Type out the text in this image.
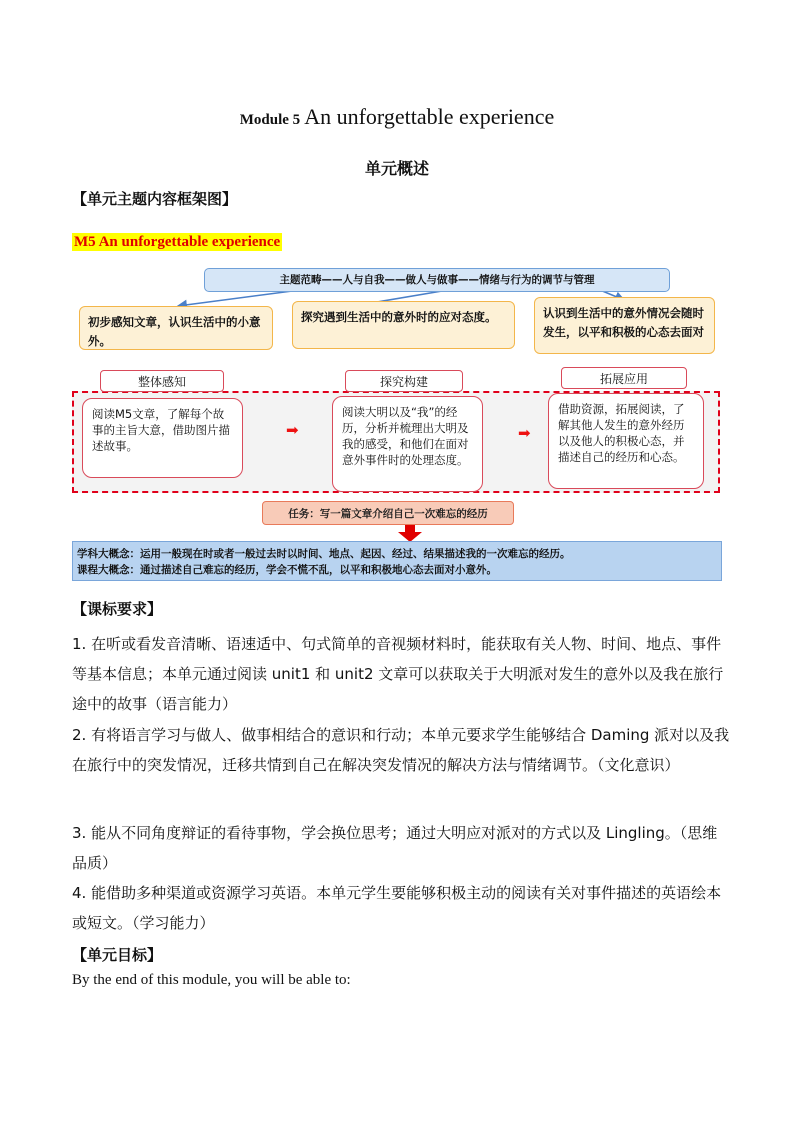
Module 5 An unforgettable experience
单元概述
【单元主题内容框架图】
M5 An unforgettable experience
主题范畴——人与自我——做人与做事——情绪与行为的调节与管理
初步感知文章，认识生活中的小意外。
探究遇到生活中的意外时的应对态度。	认识到生活中的意外情况会随时发生，以平和积极的心态去面对
整体感知	探究构建	拓展应用
阅读M5文章，了解每个故事的主旨大意，借助图片描述故事。
阅读大明以及“我”的经历，分析并梳理出大明及我的感受，和他们在面对意外事件时的处理态度。
借助资源，拓展阅读，了解其他人发生的意外经历以及他人的积极心态，并描述自己的经历和心态。
➡	➡
任务：写一篇文章介绍自己一次难忘的经历
学科大概念：运用一般现在时或者一般过去时以时间、地点、起因、经过、结果描述我的一次难忘的经历。
课程大概念：通过描述自己难忘的经历，学会不慌不乱，以平和积极地心态去面对小意外。
【课标要求】
1. 在听或看发音清晰、语速适中、句式简单的音视频材料时，能获取有关人物、时间、地点、事件等基本信息；本单元通过阅读 unit1 和 unit2 文章可以获取关于大明派对发生的意外以及我在旅行途中的故事（语言能力）
2. 有将语言学习与做人、做事相结合的意识和行动；本单元要求学生能够结合 Daming 派对以及我在旅行中的突发情况，迁移共情到自己在解决突发情况的解决方法与情绪调节。（文化意识）
3. 能从不同角度辩证的看待事物，学会换位思考；通过大明应对派对的方式以及 Lingling。（思维品质）
4. 能借助多种渠道或资源学习英语。本单元学生要能够积极主动的阅读有关对事件描述的英语绘本或短文。（学习能力）
【单元目标】
By the end of this module, you will be able to:
